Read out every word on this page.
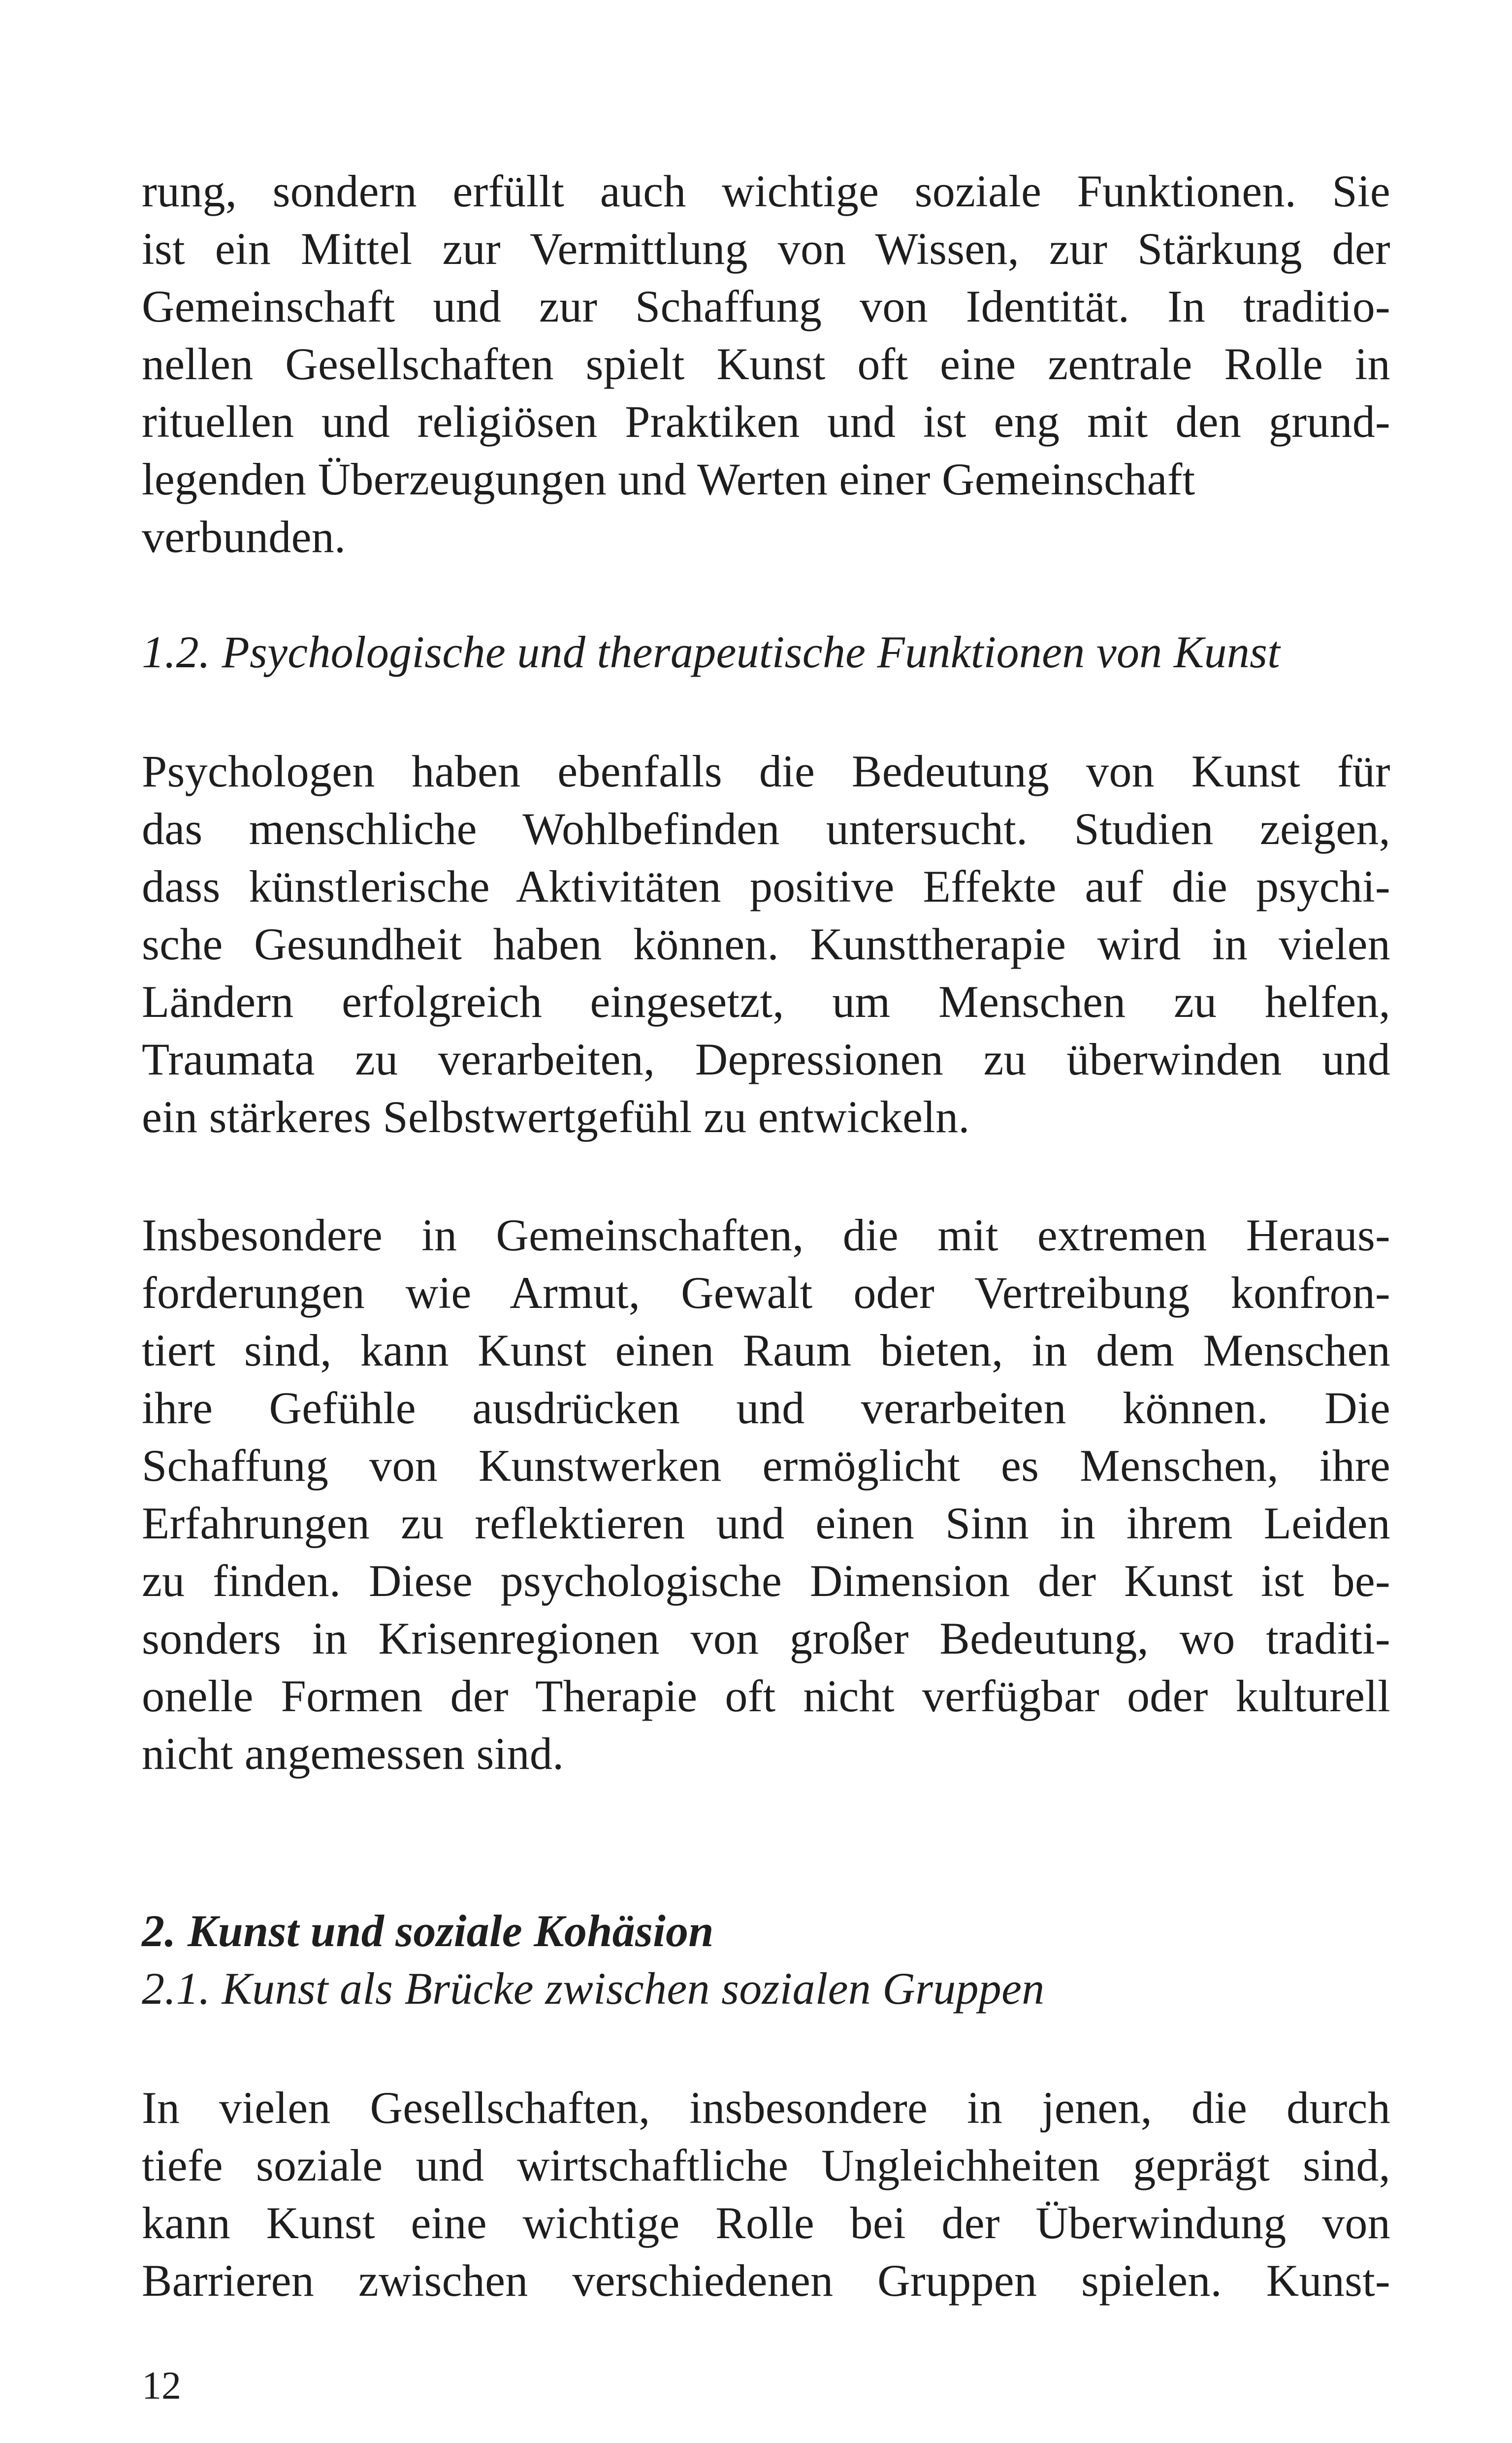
rung, sondern erfüllt auch wichtige soziale Funktionen. Sie
ist ein Mittel zur Vermittlung von Wissen, zur Stärkung der
Gemeinschaft und zur Schaffung von Identität. In traditio-
nellen Gesellschaften spielt Kunst oft eine zentrale Rolle in
rituellen und religiösen Praktiken und ist eng mit den grund-
legenden Überzeugungen und Werten einer Gemeinschaft
verbunden.
1.2. Psychologische und therapeutische Funktionen von Kunst
Psychologen haben ebenfalls die Bedeutung von Kunst für
das menschliche Wohlbefinden untersucht. Studien zeigen,
dass künstlerische Aktivitäten positive Effekte auf die psychi-
sche Gesundheit haben können. Kunsttherapie wird in vielen
Ländern erfolgreich eingesetzt, um Menschen zu helfen,
Traumata zu verarbeiten, Depressionen zu überwinden und
ein stärkeres Selbstwertgefühl zu entwickeln.
Insbesondere in Gemeinschaften, die mit extremen Heraus-
forderungen wie Armut, Gewalt oder Vertreibung konfron-
tiert sind, kann Kunst einen Raum bieten, in dem Menschen
ihre Gefühle ausdrücken und verarbeiten können. Die
Schaffung von Kunstwerken ermöglicht es Menschen, ihre
Erfahrungen zu reflektieren und einen Sinn in ihrem Leiden
zu finden. Diese psychologische Dimension der Kunst ist be-
sonders in Krisenregionen von großer Bedeutung, wo traditi-
onelle Formen der Therapie oft nicht verfügbar oder kulturell
nicht angemessen sind.
2. Kunst und soziale Kohäsion
2.1. Kunst als Brücke zwischen sozialen Gruppen
In vielen Gesellschaften, insbesondere in jenen, die durch
tiefe soziale und wirtschaftliche Ungleichheiten geprägt sind,
kann Kunst eine wichtige Rolle bei der Überwindung von
Barrieren zwischen verschiedenen Gruppen spielen. Kunst-
12
